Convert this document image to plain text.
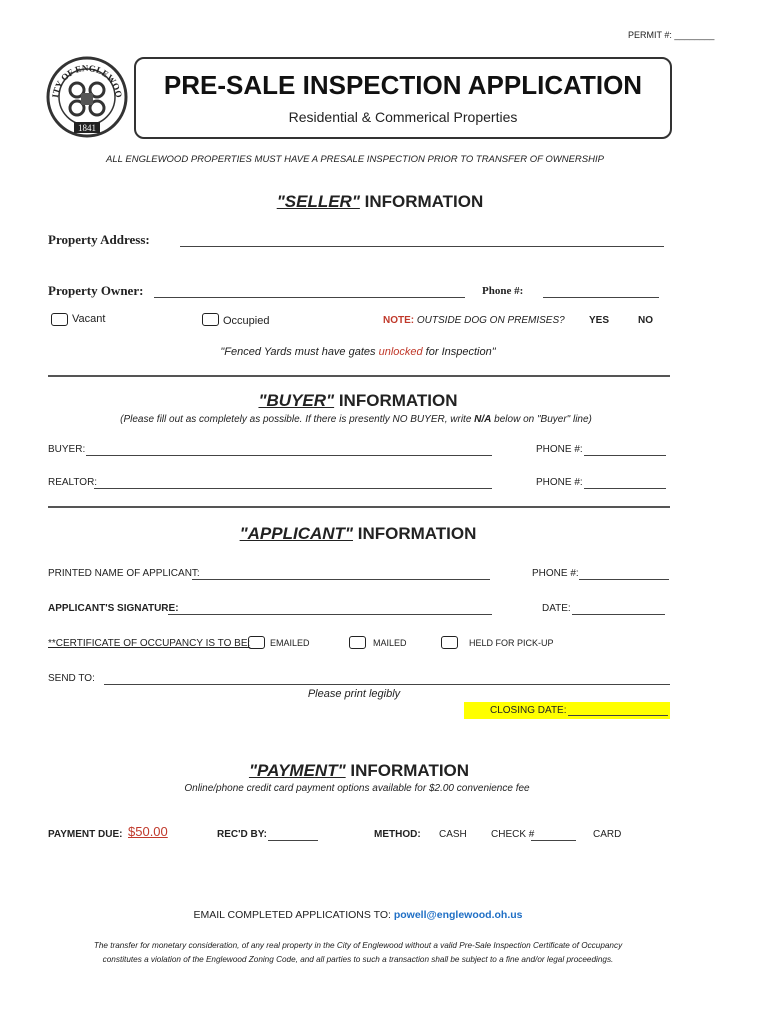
PERMIT #: ________
ITY OF ENGLEWOO
1841
PRE-SALE INSPECTION APPLICATION
Residential & Commerical Properties
ALL ENGLEWOOD PROPERTIES MUST HAVE A PRESALE INSPECTION PRIOR TO TRANSFER OF OWNERSHIP
"SELLER" INFORMATION
Property Address:
Property Owner:	Phone #:
Vacant	Occupied	NOTE: OUTSIDE DOG ON PREMISES? YES	NO
"Fenced Yards must have gates unlocked for Inspection"
"BUYER" INFORMATION
(Please fill out as completely as possible. If there is presently NO BUYER, write N/A below on "Buyer" line)
BUYER:	PHONE #:
REALTOR:	PHONE #:
"APPLICANT" INFORMATION
PRINTED NAME OF APPLICANT:	PHONE #:
APPLICANT'S SIGNATURE:	DATE:
**CERTIFICATE OF OCCUPANCY IS TO BE: EMAILED	MAILED	HELD FOR PICK-UP
SEND TO:
Please print legibly
CLOSING DATE:
"PAYMENT" INFORMATION
Online/phone credit card payment options available for $2.00 convenience fee
PAYMENT DUE: $50.00	REC'D BY:	METHOD: CASH CHECK #	CARD
EMAIL COMPLETED APPLICATIONS TO: powell@englewood.oh.us
The transfer for monetary consideration, of any real property in the City of Englewood without a valid Pre-Sale Inspection Certificate of Occupancy
constitutes a violation of the Englewood Zoning Code, and all parties to such a transaction shall be subject to a fine and/or legal proceedings.
